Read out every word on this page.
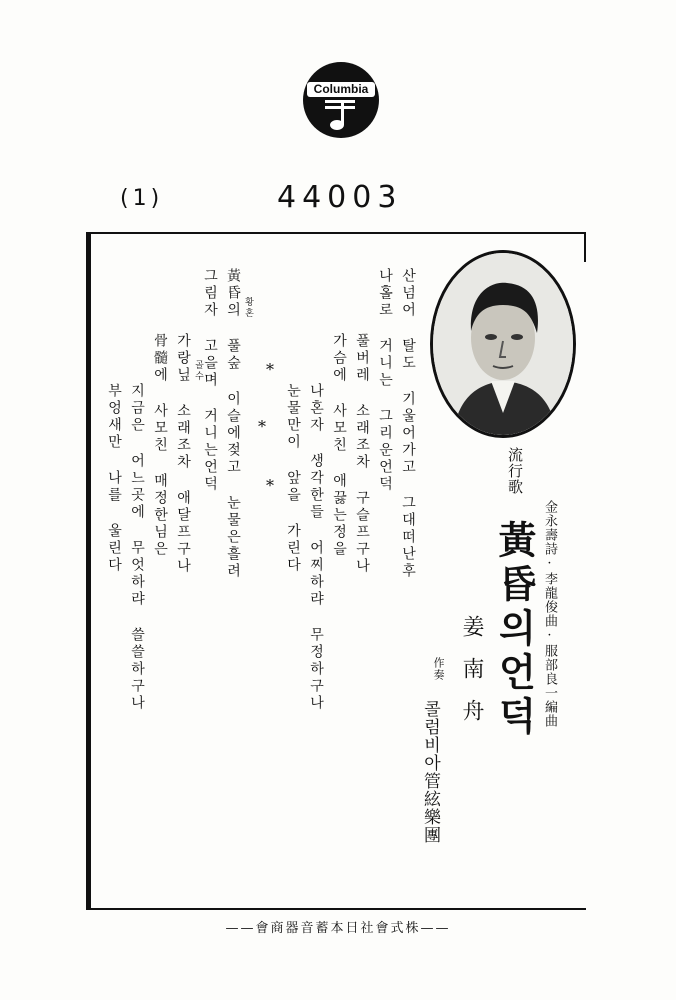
Columbia
(1)	44003
산넘어 탈도 기울어가고 그대떠난후
나홀로 거니는 그리운언덕
풀버레 소래조차 구슬프구나
가슴에 사모친 애끓는정을
나혼자 생각한들 어찌하랴 무정하구나
눈물만이 앞을 가린다
*
*
*
황혼
黃昏의 풀숲 이슬에젖고 눈물은흘려
그림자 고을며 거니는언덕
골수
가랑닢 소래조차 애달프구나
骨髓에 사모친 매정한님은
지금은 어느곳에 무엇하랴 쓸쓸하구나
부엉새만 나를 울린다	流行歌
金永壽詩·李龍俊曲·服部良一編曲
黃昏의언덕
姜南舟
作奏
콜럼비아管絃樂團
——會商器音蓄本日社會式株——
